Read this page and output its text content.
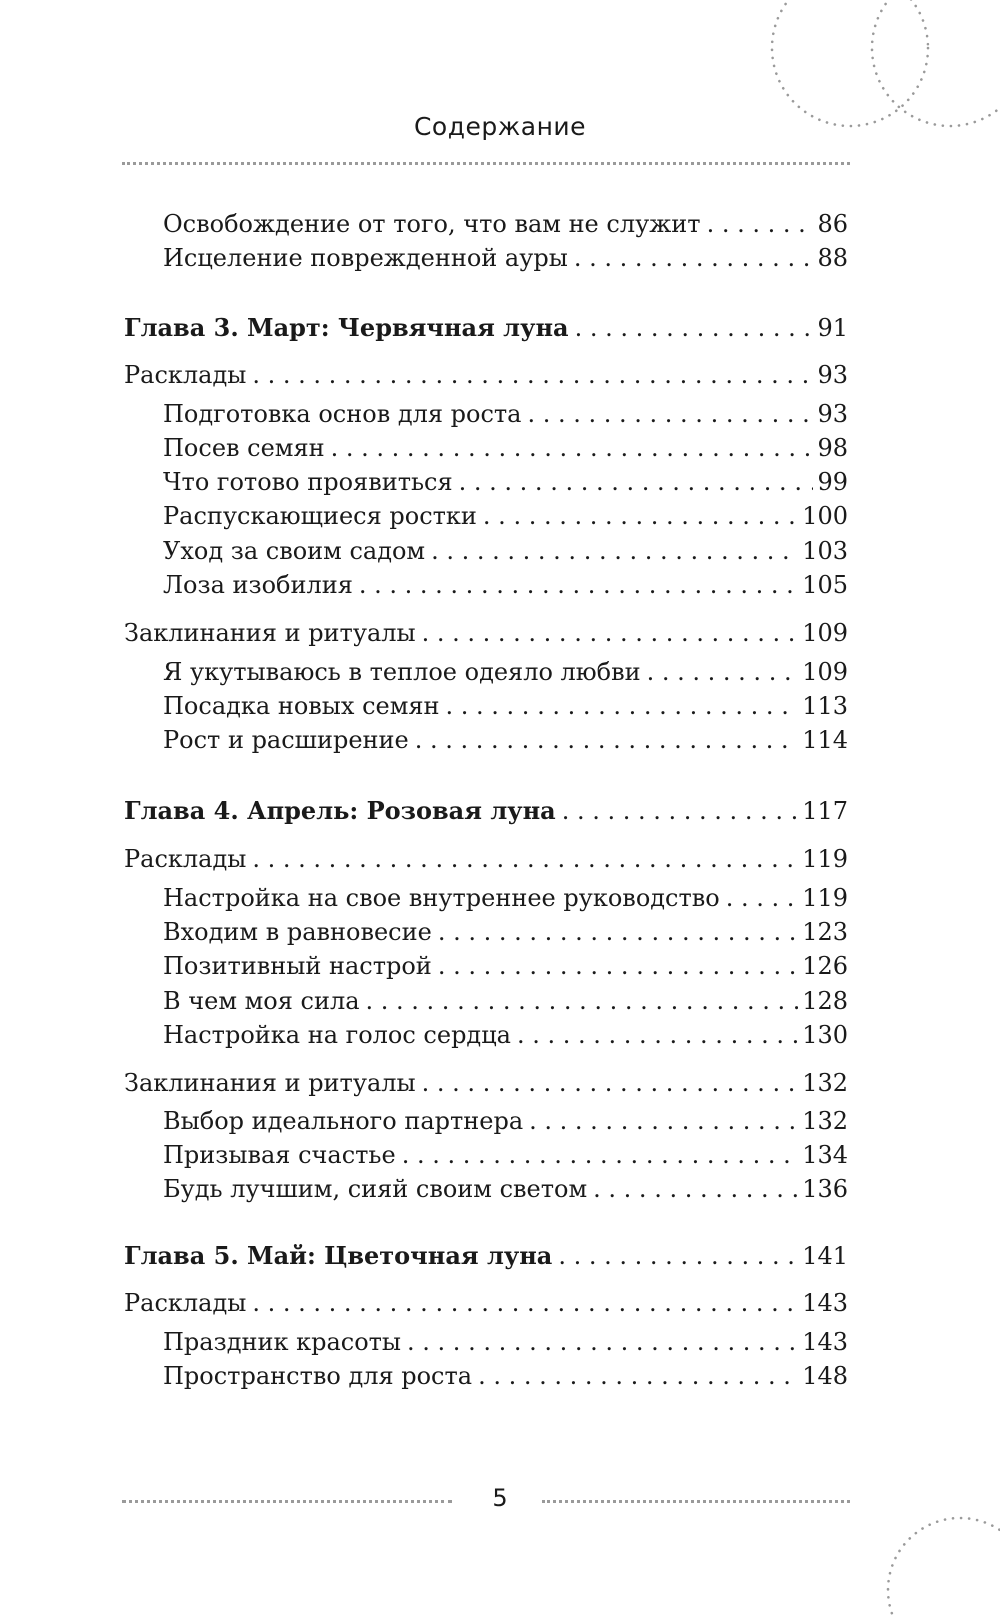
Содержание
Освобождение от того, что вам не служит . . .	86
Исцеление поврежденной ауры . . .	88
Глава 3. Март: Червячная луна . . .	91
Расклады . . .	93
Подготовка основ для роста . . .	93
Посев семян . . .	98
Что готово проявиться . . .	99
Распускающиеся ростки . . .	100
Уход за своим садом . . .	103
Лоза изобилия . . .	105
Заклинания и ритуалы . . .	109
Я укутываюсь в теплое одеяло любви . . .	109
Посадка новых семян . . .	113
Рост и расширение . . .	114
Глава 4. Апрель: Розовая луна . . .	117
Расклады . . .	119
Настройка на свое внутреннее руководство . . .	119
Входим в равновесие . . .	123
Позитивный настрой . . .	126
В чем моя сила . . .	128
Настройка на голос сердца . . .	130
Заклинания и ритуалы . . .	132
Выбор идеального партнера . . .	132
Призывая счастье . . .	134
Будь лучшим, сияй своим светом . . .	136
Глава 5. Май: Цветочная луна . . .	141
Расклады . . .	143
Праздник красоты . . .	143
Пространство для роста . . .	148
5
